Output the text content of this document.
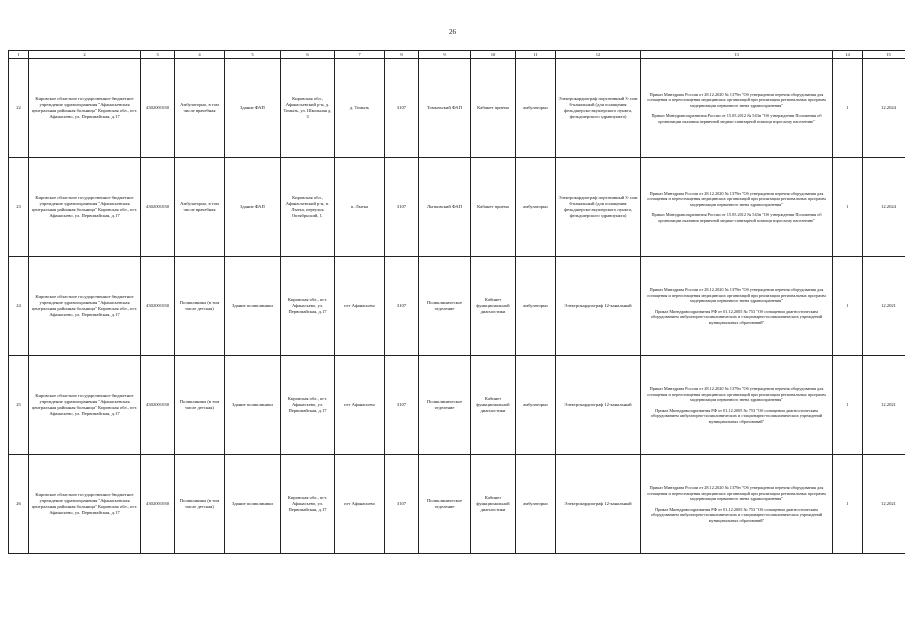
26
1	2	3	4	5	6	7	8	9	10	11	12	13	14	15
22	Кировское областное государственное бюджетное учреждение здравоохранения "Афанасьевская центральная районная больница" Кировская обл., пгт. Афанасьево, ул. Первомайская, д.17	4302001030	Амбулаторно, в том числе врачебная	Здание ФАП	Кировская обл., Афанасьевский р-н, д. Томызь, ул. Школьная д. 3	д. Томызь	3107	Томызьский ФАП	Кабинет приема	амбулаторно	Электрокардиограф портативный 3- или 6-канальный (для оснащения фельдшерско-акушерского пункта, фельдшерского здравпункта)	Приказ Минздрава России от 28.12.2020 № 1379н "Об утверждении перечня оборудования для оснащения и переоснащения медицинских организаций при реализации региональных программ модернизации первичного звена здравоохранения"
Приказ Минздравсоцразвития России от 15.05.2012 № 543н "Об утверждении Положения об организации оказания первичной медико-санитарной помощи взрослому населению"	1	12.2024
23	Кировское областное государственное бюджетное учреждение здравоохранения "Афанасьевская центральная районная больница" Кировская обл., пгт. Афанасьево, ул. Первомайская, д.17	4302001030	Амбулаторно, в том числе врачебная	Здание ФАП	Кировская обл., Афанасьевский р-н, п. Лытка, переулок Октябрьский, 1.	п. Лытка	3107	Лытковский ФАП	Кабинет приема	амбулаторно	Электрокардиограф портативный 3- или 6-канальный (для оснащения фельдшерско-акушерского пункта, фельдшерского здравпункта)	Приказ Минздрава России от 28.12.2020 № 1379н "Об утверждении перечня оборудования для оснащения и переоснащения медицинских организаций при реализации региональных программ модернизации первичного звена здравоохранения"
Приказ Минздравсоцразвития России от 15.05.2012 № 543н "Об утверждении Положения об организации оказания первичной медико-санитарной помощи взрослому населению"	1	12.2024
24	Кировское областное государственное бюджетное учреждение здравоохранения "Афанасьевская центральная районная больница" Кировская обл., пгт. Афанасьево, ул. Первомайская, д.17	4302001030	Поликлиника (в том числе детская)	Здание поликлиники	Кировская обл., пгт. Афанасьево, ул. Первомайская, д.17	пгт Афанасьево	3107	Поликлиническое отделение	Кабинет функциональной диагностики	амбулаторно	Электрокардиограф 12-канальный	Приказ Минздрава России от 28.12.2020 № 1379н "Об утверждении перечня оборудования для оснащения и переоснащения медицинских организаций при реализации региональных программ модернизации первичного звена здравоохранения"
Приказ Минздравсоцразвития РФ от 01.12.2005 № 753 "Об оснащении диагностическим оборудованием амбулаторно-поликлинических и стационарно-поликлинических учреждений муниципальных образований"	1	12.2021
25	Кировское областное государственное бюджетное учреждение здравоохранения "Афанасьевская центральная районная больница" Кировская обл., пгт. Афанасьево, ул. Первомайская, д.17	4302001030	Поликлиника (в том числе детская)	Здание поликлиники	Кировская обл., пгт. Афанасьево, ул. Первомайская, д.17	пгт Афанасьево	3107	Поликлиническое отделение	Кабинет функциональной диагностики	амбулаторно	Электрокардиограф 12-канальный	Приказ Минздрава России от 28.12.2020 № 1379н "Об утверждении перечня оборудования для оснащения и переоснащения медицинских организаций при реализации региональных программ модернизации первичного звена здравоохранения"
Приказ Минздравсоцразвития РФ от 01.12.2005 № 753 "Об оснащении диагностическим оборудованием амбулаторно-поликлинических и стационарно-поликлинических учреждений муниципальных образований"	1	12.2021
26	Кировское областное государственное бюджетное учреждение здравоохранения "Афанасьевская центральная районная больница" Кировская обл., пгт. Афанасьево, ул. Первомайская, д.17	4302001030	Поликлиника (в том числе детская)	Здание поликлиники	Кировская обл., пгт. Афанасьево, ул. Первомайская, д.17	пгт Афанасьево	3107	Поликлиническое отделение	Кабинет функциональной диагностики	амбулаторно	Электрокардиограф 12-канальный	Приказ Минздрава России от 28.12.2020 № 1379н "Об утверждении перечня оборудования для оснащения и переоснащения медицинских организаций при реализации региональных программ модернизации первичного звена здравоохранения"
Приказ Минздравсоцразвития РФ от 01.12.2005 № 753 "Об оснащении диагностическим оборудованием амбулаторно-поликлинических и стационарно-поликлинических учреждений муниципальных образований"	1	12.2021
